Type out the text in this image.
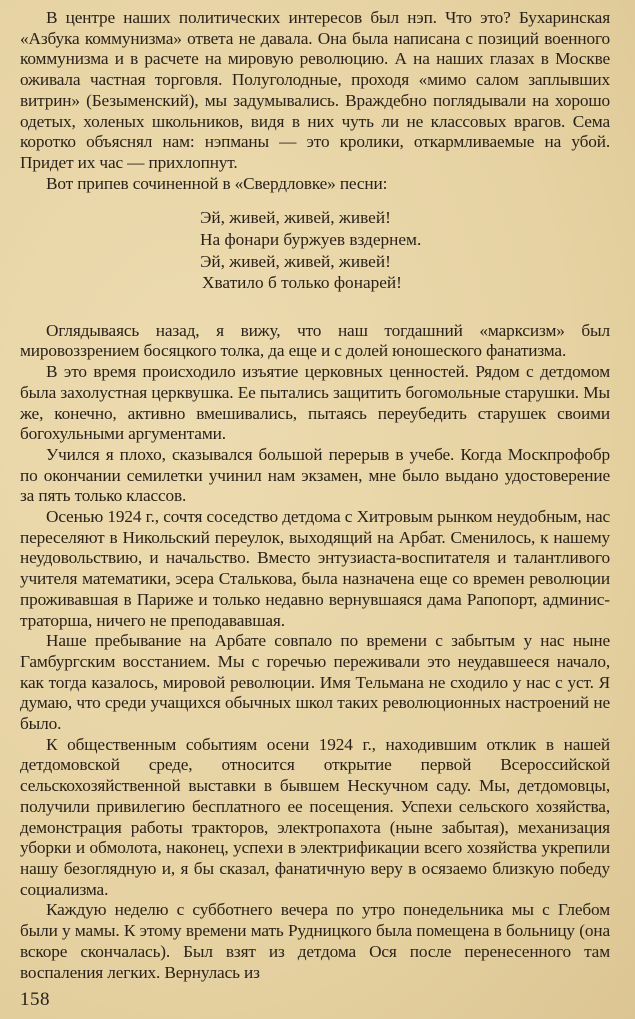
В центре наших политических интересов был нэп. Что это? Бухаринская «Азбука коммунизма» ответа не давала. Она была написана с позиций военного коммунизма и в расчете на мировую революцию. А на наших глазах в Москве оживала частная торговля. Полуголодные, проходя «мимо салом заплывших витрин» (Безыменский), мы задумывались. Враждебно поглядывали на хорошо одетых, холеных школьников, видя в них чуть ли не классовых врагов. Сема коротко объяснял нам: нэпманы — это кролики, откармливаемые на убой. Придет их час — прихлопнут.

Вот припев сочиненной в «Свердловке» песни:

Эй, живей, живей, живей!
На фонари буржуев вздернем.
Эй, живей, живей, живей!
Хватило б только фонарей!

Оглядываясь назад, я вижу, что наш тогдашний «марксизм» был мировоззрением босяцкого толка, да еще и с долей юношеского фанатизма.

В это время происходило изъятие церковных ценностей. Рядом с детдомом была захолустная церквушка. Ее пытались защитить богомольные старушки. Мы же, конечно, активно вмешивались, пытаясь переубедить старушек своими богохульными аргументами.

Учился я плохо, сказывался большой перерыв в учебе. Когда Москпрофобр по окончании семилетки учинил нам экзамен, мне было выдано удостоверение за пять только классов.

Осенью 1924 г., сочтя соседство детдома с Хитровым рынком неудобным, нас переселяют в Никольский переулок, выходящий на Арбат. Сменилось, к нашему неудовольствию, и начальство. Вместо энтузиаста-воспитателя и талантливого учителя математики, эсера Сталькова, была назначена еще со времен революции проживавшая в Париже и только недавно вернувшаяся дама Рапопорт, администраторша, ничего не преподававшая.

Наше пребывание на Арбате совпало по времени с забытым у нас ныне Гамбургским восстанием. Мы с горечью переживали это неудавшееся начало, как тогда казалось, мировой революции. Имя Тельмана не сходило у нас с уст. Я думаю, что среди учащихся обычных школ таких революционных настроений не было.

К общественным событиям осени 1924 г., находившим отклик в нашей детдомовской среде, относится открытие первой Всероссийской сельскохозяйственной выставки в бывшем Нескучном саду. Мы, детдомовцы, получили привилегию бесплатного ее посещения. Успехи сельского хозяйства, демонстрация работы тракторов, электропахота (ныне забытая), механизация уборки и обмолота, наконец, успехи в электрификации всего хозяйства укрепили нашу безоглядную и, я бы сказал, фанатичную веру в осязаемо близкую победу социализма.

Каждую неделю с субботнего вечера по утро понедельника мы с Глебом были у мамы. К этому времени мать Рудницкого была помещена в больницу (она вскоре скончалась). Был взят из детдома Ося после перенесенного там воспаления легких. Вернулась из

158
